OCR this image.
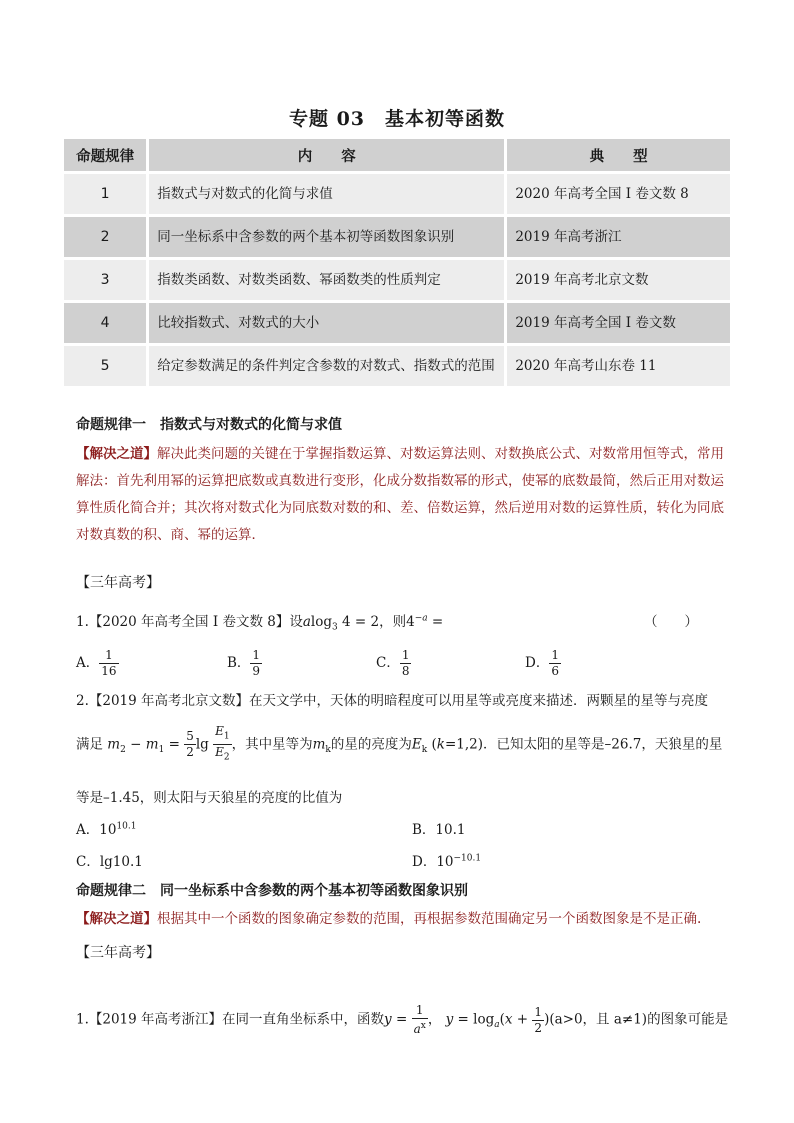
专题 03　基本初等函数
命题规律	内　　容	典　　型
1	指数式与对数式的化简与求值	2020 年高考全国 I 卷文数 8
2	同一坐标系中含参数的两个基本初等函数图象识别	2019 年高考浙江
3	指数类函数、对数类函数、幂函数类的性质判定	2019 年高考北京文数
4	比较指数式、对数式的大小	2019 年高考全国 I 卷文数
5	给定参数满足的条件判定含参数的对数式、指数式的范围	2020 年高考山东卷 11
命题规律一　指数式与对数式的化简与求值
【解决之道】解决此类问题的关键在于掌握指数运算、对数运算法则、对数换底公式、对数常用恒等式，常用解法：首先利用幂的运算把底数或真数进行变形，化成分数指数幂的形式，使幂的底数最简，然后正用对数运算性质化简合并；其次将对数式化为同底数对数的和、差、倍数运算，然后逆用对数的运算性质，转化为同底对数真数的积、商、幂的运算．
【三年高考】
1.【2020 年高考全国 I 卷文数 8】设alog$_3$ 4 = 2，则$4^{-a}$ =	（　　）
A． $\frac{1}{16}$	B． $\frac{1}{9}$	C． $\frac{1}{8}$	D． $\frac{1}{6}$
2.【2019 年高考北京文数】在天文学中，天体的明暗程度可以用星等或亮度来描述．两颗星的星等与亮度
满足 $m_2 - m_1 = \frac{5}{2}$ $\lg \frac{E_1}{E_2}$ ，其中星等为$m_k$的星的亮度为$E_k$ (k=1,2)．已知太阳的星等是–26.7，天狼星的星
等是–1.45，则太阳与天狼星的亮度的比值为
A．$10^{10.1}$	B．10.1
C．lg10.1	D．$10^{-10.1}$
命题规律二　同一坐标系中含参数的两个基本初等函数图象识别
【解决之道】根据其中一个函数的图象确定参数的范围，再根据参数范围确定另一个函数图象是不是正确.
【三年高考】
1.【2019 年高考浙江】在同一直角坐标系中，函数$y = \frac{1}{a^x}$ ， $y = \log_a(x + \frac{1}{2} )(a>0$，且 a≠1)的图象可能是
